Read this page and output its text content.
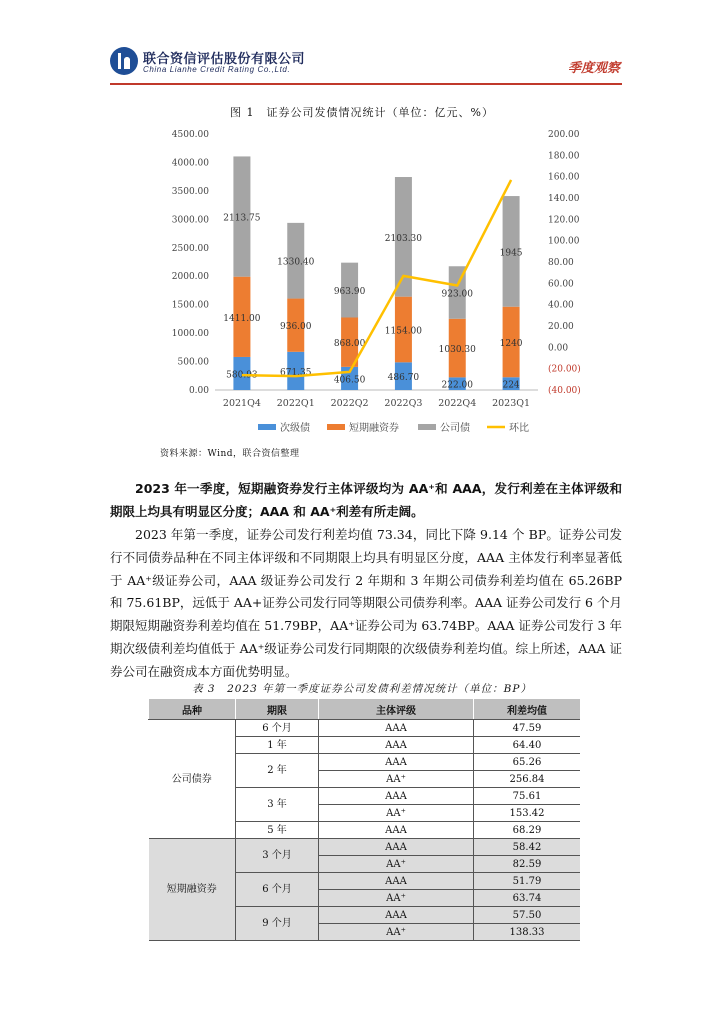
联合资信评估股份有限公司
China Lianhe Credit Rating Co.,Ltd.	季度观察
图 1　证券公司发债情况统计（单位：亿元、%）
0.00
500.00
1000.00
1500.00
2000.00
2500.00
3000.00
3500.00
4000.00
4500.00
(40.00)
(20.00)
0.00
20.00
40.00
60.00
80.00
100.00
120.00
140.00
160.00
180.00
200.00
580.93
1411.00
2113.75
2021Q4
671.35
936.00
1330.40
2022Q1
406.50
868.00
963.90
2022Q2
486.70
1154.00
2103.30
2022Q3
222.00
1030.30
923.00
2022Q4
224
1240
1945
2023Q1
次级债	短期融资券	公司债	环比
资料来源：Wind，联合资信整理

2023 年一季度，短期融资券发行主体评级均为 AA⁺和 AAA，发行利差在主体评级和期限上均具有明显区分度；AAA 和 AA⁺利差有所走阔。

2023 年第一季度，证券公司发行利差均值 73.34，同比下降 9.14 个 BP。证券公司发行不同债券品种在不同主体评级和不同期限上均具有明显区分度，AAA 主体发行利率显著低于 AA⁺级证券公司，AAA 级证券公司发行 2 年期和 3 年期公司债券利差均值在 65.26BP 和 75.61BP，远低于 AA+证券公司发行同等期限公司债券利率。AAA 证券公司发行 6 个月期限短期融资券利差均值在 51.79BP，AA⁺证券公司为 63.74BP。AAA 证券公司发行 3 年期次级债利差均值低于 AA⁺级证券公司发行同期限的次级债券利差均值。综上所述，AAA 证券公司在融资成本方面优势明显。

表 3　2023 年第一季度证券公司发债利差情况统计（单位：BP）
品种	期限	主体评级	利差均值
公司债券	6 个月	AAA	47.59
	1 年	AAA	64.40
	2 年	AAA	65.26
		AA⁺	256.84
	3 年	AAA	75.61
		AA⁺	153.42
	5 年	AAA	68.29
短期融资券	3 个月	AAA	58.42
		AA⁺	82.59
	6 个月	AAA	51.79
		AA⁺	63.74
	9 个月	AAA	57.50
		AA⁺	138.33
